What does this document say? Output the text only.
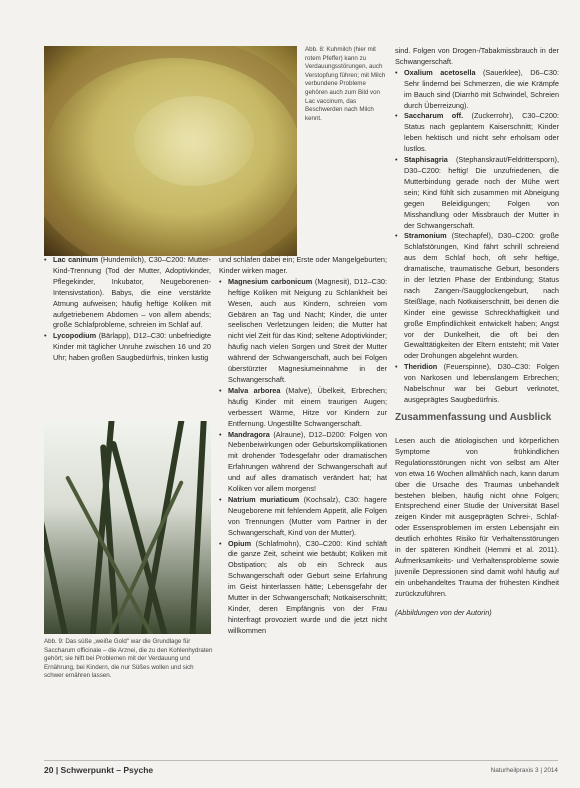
Abb. 8: Kuhmilch (hier mit rotem Pfeffer) kann zu Verdauungsstörungen, auch Verstopfung führen; mit Milch verbundene Probleme gehören auch zum Bild von Lac vaccinum, das Beschwerden nach Milch kennt.

• Lac caninum (Hundemilch), C30–C200: Mutter-Kind-Trennung (Tod der Mutter, Adoptivkinder, Pflegekinder, Inkubator, Neugeborenen-Intensivstation). Babys, die eine verstärkte Atmung aufweisen; häufig heftige Koliken mit aufgetriebenem Abdomen – von allem abends; große Schlafprobleme, schreien im Schlaf auf.

• Lycopodium (Bärlapp), D12–C30: unbefriedigte Kinder mit täglicher Unruhe zwischen 16 und 20 Uhr; haben großen Saugbedürfnis, trinken lustig

Abb. 9: Das süße „weiße Gold" war die Grundlage für Saccharum officinale – die Arznei, die zu den Kohlenhydraten gehört; sie hilft bei Problemen mit der Verdauung und Ernährung, bei Kindern, die nur Süßes wollen und sich schwer ernähren lassen.

und schlafen dabei ein; Erste oder Mangelgeburten; Kinder wirken mager.

• Magnesium carbonicum (Magnesit), D12–C30: heftige Koliken mit Neigung zu Schlankheit bei Wesen, auch aus Kindern, schreien vom Gebären an Tag und Nacht; Kinder, die unter seelischen Verletzungen leiden; die Mutter hat nicht viel Zeit für das Kind; seltene Adoptivkinder; häufig nach vielen Sorgen und Streit der Mutter während der Schwangerschaft, auch bei Folgen überstürzter Magnesiumeinnahme in der Schwangerschaft.

• Malva arborea (Malve), Übelkeit, Erbrechen; häufig Kinder mit einem traurigen Augen; verbessert Wärme, Hitze vor Kindern zur Entfernung. Ungestillte Schwangerschaft.

• Mandragora (Alraune), D12–D200: Folgen von Nebenbeiwirkungen oder Geburtskomplikationen mit drohender Todesgefahr oder dramatischen Erfahrungen während der Schwangerschaft auf und auf alles dramatisch verändert hat; hat Koliken vor allem morgens!

• Natrium muriaticum (Kochsalz), C30: hagere Neugeborene mit fehlendem Appetit, alle Folgen von Trennungen (Mutter vom Partner in der Schwangerschaft, Kind von der Mutter).

• Opium (Schlafmohn), C30–C200: Kind schläft die ganze Zeit, scheint wie betäubt; Koliken mit Obstipation; als ob ein Schreck aus Schwangerschaft oder Geburt seine Erfahrung im Geist hinterlassen hätte; Lebensgefahr der Mutter in der Schwangerschaft; Notkaiserschnitt; Kinder, deren Empfängnis von der Frau hinterfragt provoziert wurde und die jetzt nicht willkommen

sind. Folgen von Drogen-/Tabakmissbrauch in der Schwangerschaft.

• Oxalium acetosella (Sauerklee), D6–C30: Sehr lindernd bei Schmerzen, die wie Krämpfe im Bauch sind (Diarrhö mit Schwindel, Schreien durch Überreizung).

• Saccharum off. (Zuckerrohr), C30–C200: Status nach geplantem Kaiserschnitt; Kinder leben hektisch und nicht sehr erholsam oder lustlos.

• Staphisagria (Stephanskraut/Feldrittersporn), D30–C200: heftig! Die unzufriedenen, die Mutterbindung gerade noch der Mühe wert sein; Kind fühlt sich zusammen mit Abneigung gegen Beleidigungen; Folgen von Misshandlung oder Missbrauch der Mutter in der Schwangerschaft.

• Stramonium (Stechapfel), D30–C200: große Schlafstörungen, Kind fährt schrill schreiend aus dem Schlaf hoch, oft sehr heftige, dramatische, traumatische Geburt, besonders in der letzten Phase der Entbindung; Status nach Zangen-/Saugglockengeburt, nach Steißlage, nach Notkaiserschnitt, bei denen die Kinder eine gewisse Schreckhaftigkeit und große Empfindlichkeit entwickelt haben; Angst vor der Dunkelheit, die oft bei den Gewalttätigkeiten der Eltern entsteht; mit Vater oder Drohungen abgelehnt wurden.

• Theridion (Feuerspinne), D30–C30: Folgen von Narkosen und lebenslangem Erbrechen; Nabelschnur war bei Geburt verknotet, ausgeprägtes Saugbedürfnis.

Zusammenfassung und Ausblick

Lesen auch die ätiologischen und körperlichen Symptome von frühkindlichen Regulationsstörungen nicht von selbst am Alter von etwa 16 Wochen allmählich nach, kann darum über die Ursache des Traumas unbehandelt bestehen bleiben, häufig nicht ohne Folgen; Entsprechend einer Studie der Universität Basel zeigen Kinder mit ausgeprägten Schrei-, Schlaf- oder Essensproblemen im ersten Lebensjahr ein deutlich erhöhtes Risiko für Verhaltensstörungen in der späteren Kindheit (Hemmi et al. 2011). Aufmerksamkeits- und Verhaltensprobleme sowie juvenile Depressionen sind damit wohl häufig auf ein unbehandeltes Trauma der frühesten Kindheit zurückzuführen.

(Abbildungen von der Autorin)

20 | Schwerpunkt – Psyche	Naturheilpraxis 3 | 2014
